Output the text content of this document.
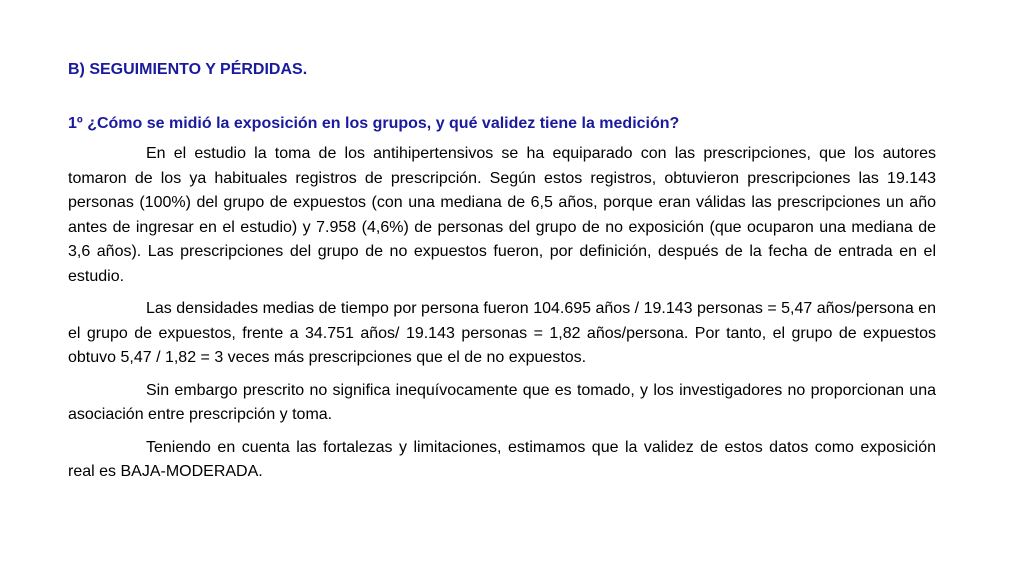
B) SEGUIMIENTO Y PÉRDIDAS.

1º ¿Cómo se midió la exposición en los grupos, y qué validez tiene la medición?

En el estudio la toma de los antihipertensivos se ha equiparado con las prescripciones, que los autores tomaron de los ya habituales registros de prescripción. Según estos registros, obtuvieron prescripciones las 19.143 personas (100%) del grupo de expuestos (con una mediana de 6,5 años, porque eran válidas las prescripciones un año antes de ingresar en el estudio) y 7.958 (4,6%) de personas del grupo de no exposición (que ocuparon una mediana de 3,6 años). Las prescripciones del grupo de no expuestos fueron, por definición, después de la fecha de entrada en el estudio.

Las densidades medias de tiempo por persona fueron 104.695 años / 19.143 personas = 5,47 años/persona en el grupo de expuestos, frente a 34.751 años/ 19.143 personas = 1,82 años/persona. Por tanto, el grupo de expuestos obtuvo 5,47 / 1,82 = 3 veces más prescripciones que el de no expuestos.

Sin embargo prescrito no significa inequívocamente que es tomado, y los investigadores no proporcionan una asociación entre prescripción y toma.

Teniendo en cuenta las fortalezas y limitaciones, estimamos que la validez de estos datos como exposición real es BAJA-MODERADA.
